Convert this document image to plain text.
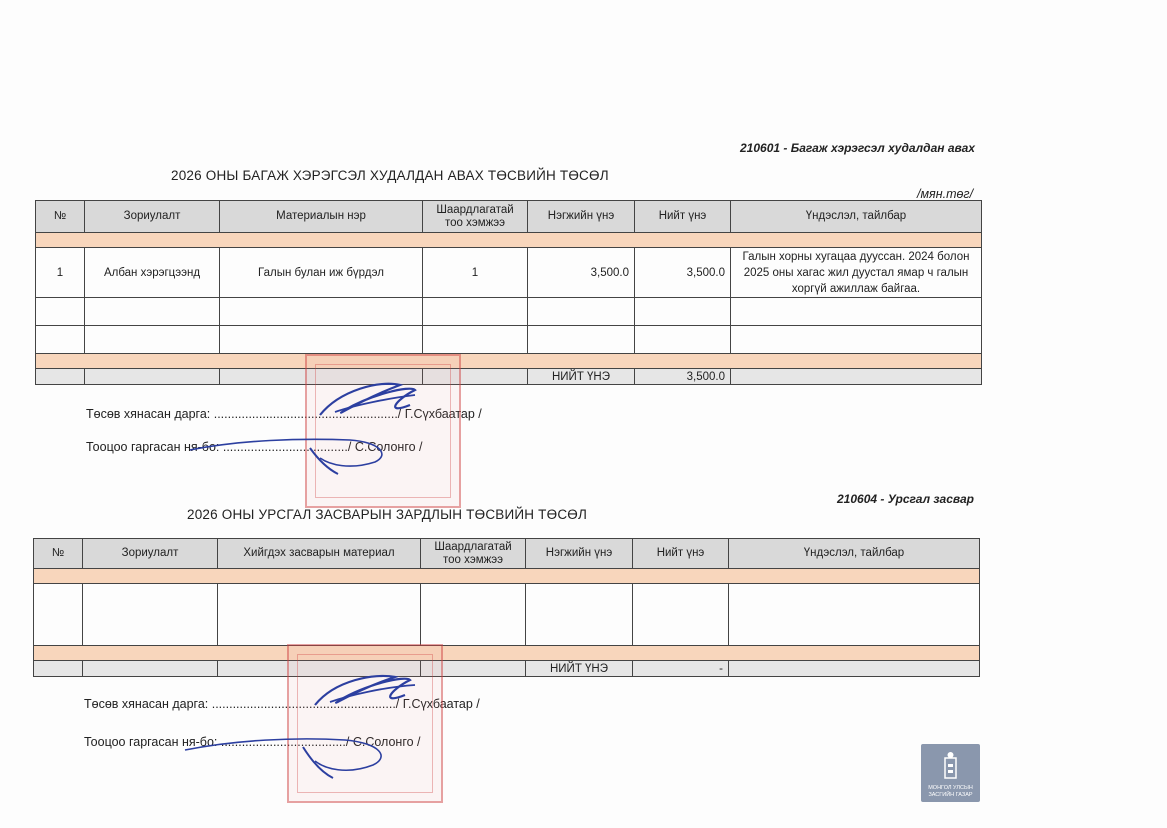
210601 - Багаж хэрэгсэл худалдан авах
2026 ОНЫ БАГАЖ ХЭРЭГСЭЛ ХУДАЛДАН АВАХ ТӨСВИЙН ТӨСӨЛ
/мян.төг/
№	Зориулалт	Материалын нэр	Шаардлагатай тоо хэмжээ	Нэгжийн үнэ	Нийт үнэ	Үндэслэл, тайлбар

1	Албан хэрэгцээнд	Галын булан иж бүрдэл	1	3,500.0	3,500.0	Галын хорны хугацаа дууссан. 2024 болон 2025 оны хагас жил дуустал ямар ч галын хоргүй ажиллаж байгаа.

				НИЙТ ҮНЭ	3,500.0	
Төсөв хянасан дарга: ...................................................../ Г.Сүхбаатар /
Тооцоо гаргасан ня-бо: ..................................../ С.Солонго /
210604 - Урсгал засвар
2026 ОНЫ УРСГАЛ ЗАСВАРЫН ЗАРДЛЫН ТӨСВИЙН ТӨСӨЛ
№	Зориулалт	Хийгдэх засварын материал	Шаардлагатай тоо хэмжээ	Нэгжийн үнэ	Нийт үнэ	Үндэслэл, тайлбар

				НИЙТ ҮНЭ	-	
Төсөв хянасан дарга: ...................................................../ Г.Сүхбаатар /
Тооцоо гаргасан ня-бо: ..................................../ С.Солонго /
МОНГОЛ УЛСЫН
ЗАСГИЙН ГАЗАР
